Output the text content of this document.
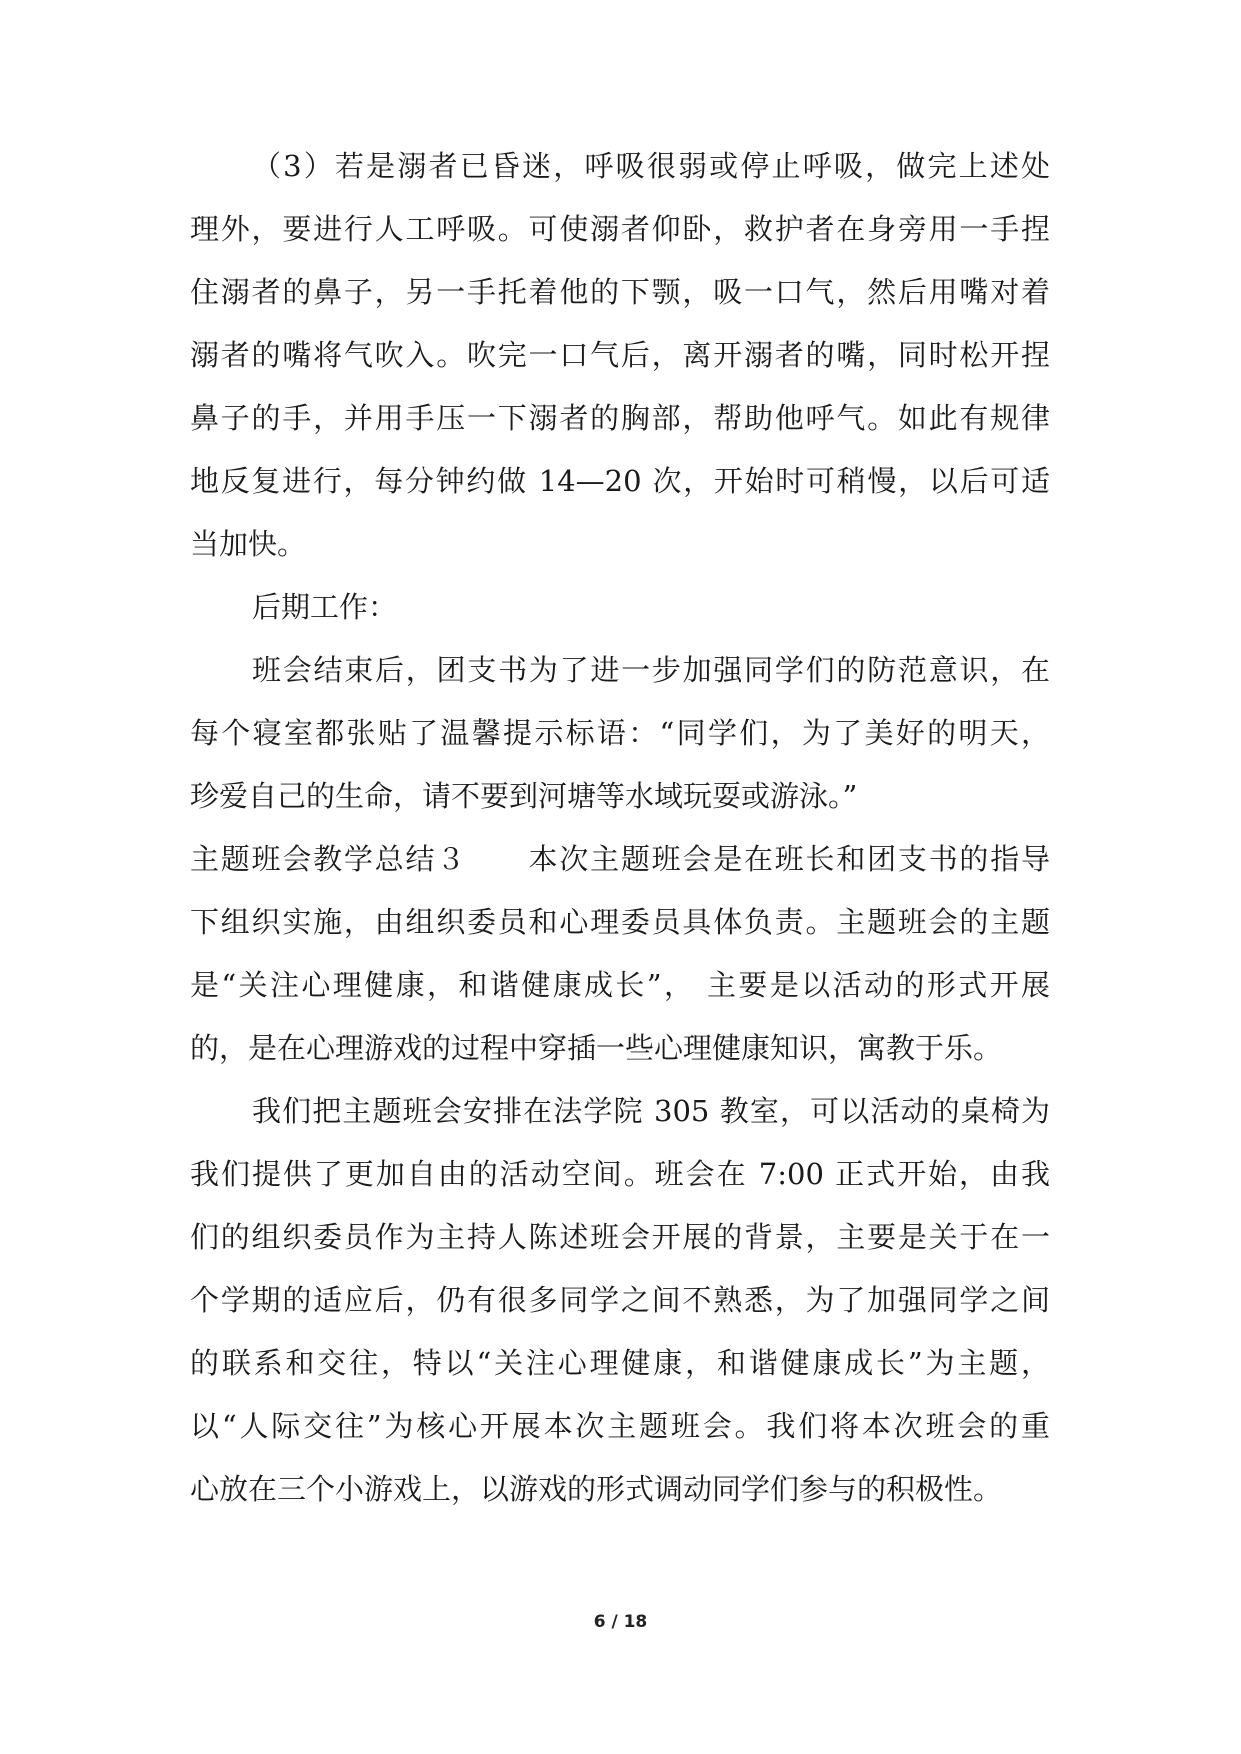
（3）若是溺者已昏迷，呼吸很弱或停止呼吸，做完上述处
理外，要进行人工呼吸。可使溺者仰卧，救护者在身旁用一手捏
住溺者的鼻子，另一手托着他的下颚，吸一口气，然后用嘴对着
溺者的嘴将气吹入。吹完一口气后，离开溺者的嘴，同时松开捏
鼻子的手，并用手压一下溺者的胸部，帮助他呼气。如此有规律
地反复进行，每分钟约做 14—20 次，开始时可稍慢，以后可适
当加快。
后期工作：
班会结束后，团支书为了进一步加强同学们的防范意识，在
每个寝室都张贴了温馨提示标语：“同学们，为了美好的明天，
珍爱自己的生命，请不要到河塘等水域玩耍或游泳。”
主题班会教学总结３　　本次主题班会是在班长和团支书的指导
下组织实施，由组织委员和心理委员具体负责。主题班会的主题
是“关注心理健康，和谐健康成长”， 主要是以活动的形式开展
的，是在心理游戏的过程中穿插一些心理健康知识，寓教于乐。
我们把主题班会安排在法学院 305 教室，可以活动的桌椅为
我们提供了更加自由的活动空间。班会在 7:00 正式开始，由我
们的组织委员作为主持人陈述班会开展的背景，主要是关于在一
个学期的适应后，仍有很多同学之间不熟悉，为了加强同学之间
的联系和交往，特以“关注心理健康，和谐健康成长”为主题，
以“人际交往”为核心开展本次主题班会。我们将本次班会的重
心放在三个小游戏上，以游戏的形式调动同学们参与的积极性。
6 / 18
